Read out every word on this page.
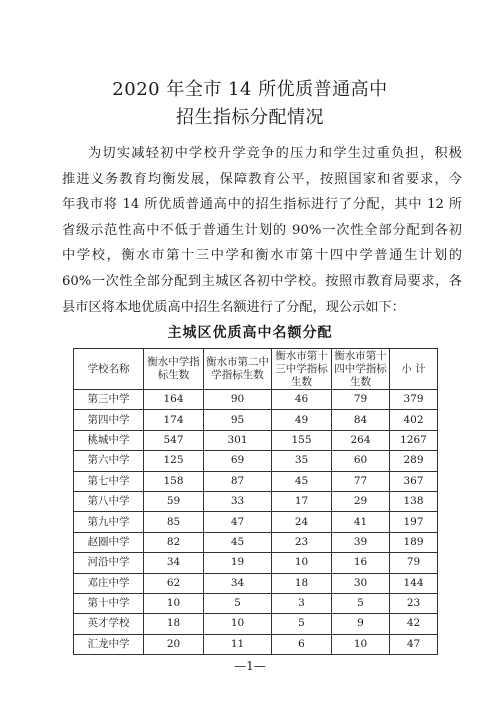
2020 年全市 14 所优质普通高中
招生指标分配情况
为切实减轻初中学校升学竞争的压力和学生过重负担，积极
推进义务教育均衡发展，保障教育公平，按照国家和省要求，今
年我市将 14 所优质普通高中的招生指标进行了分配，其中 12 所
省级示范性高中不低于普通生计划的 90%一次性全部分配到各初
中学校，衡水市第十三中学和衡水市第十四中学普通生计划的
60%一次性全部分配到主城区各初中学校。按照市教育局要求，各
县市区将本地优质高中招生名额进行了分配，现公示如下：
主城区优质高中名额分配
学校名称	衡水中学指标生数	衡水市第二中学指标生数	衡水市第十三中学指标生数	衡水市第十四中学指标生数	小 计
第三中学	164	90	46	79	379
第四中学	174	95	49	84	402
桃城中学	547	301	155	264	1267
第六中学	125	69	35	60	289
第七中学	158	87	45	77	367
第八中学	59	33	17	29	138
第九中学	85	47	24	41	197
赵圈中学	82	45	23	39	189
河沿中学	34	19	10	16	79
邓庄中学	62	34	18	30	144
第十中学	10	5	3	5	23
英才学校	18	10	5	9	42
汇龙中学	20	11	6	10	47
—1—
